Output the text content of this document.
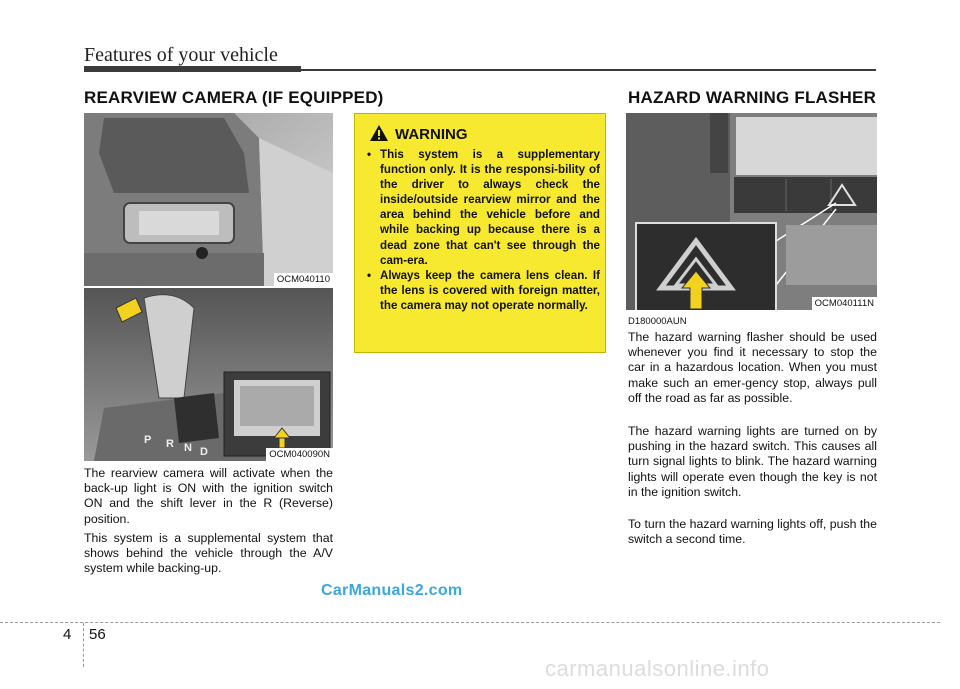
Features of your vehicle
REARVIEW CAMERA (IF EQUIPPED)
OCM040110
P R N D	OCM040090N

The rearview camera will activate when the back-up light is ON with the ignition switch ON and the shift lever in the R (Reverse) position.

This system is a supplemental system that shows behind the vehicle through the A/V system while backing-up.

WARNING
• This system is a supplementary function only. It is the responsi-bility of the driver to always check the inside/outside rearview mirror and the area behind the vehicle before and while backing up because there is a dead zone that can't see through the cam-era.
• Always keep the camera lens clean. If the lens is covered with foreign matter, the camera may not operate normally.
HAZARD WARNING FLASHER
OCM040111N
D180000AUN

The hazard warning flasher should be used whenever you find it necessary to stop the car in a hazardous location. When you must make such an emer-gency stop, always pull off the road as far as possible.

The hazard warning lights are turned on by pushing in the hazard switch. This causes all turn signal lights to blink. The hazard warning lights will operate even though the key is not in the ignition switch.

To turn the hazard warning lights off, push the switch a second time.

CarManuals2.com
4 56
carmanualsonline.info
